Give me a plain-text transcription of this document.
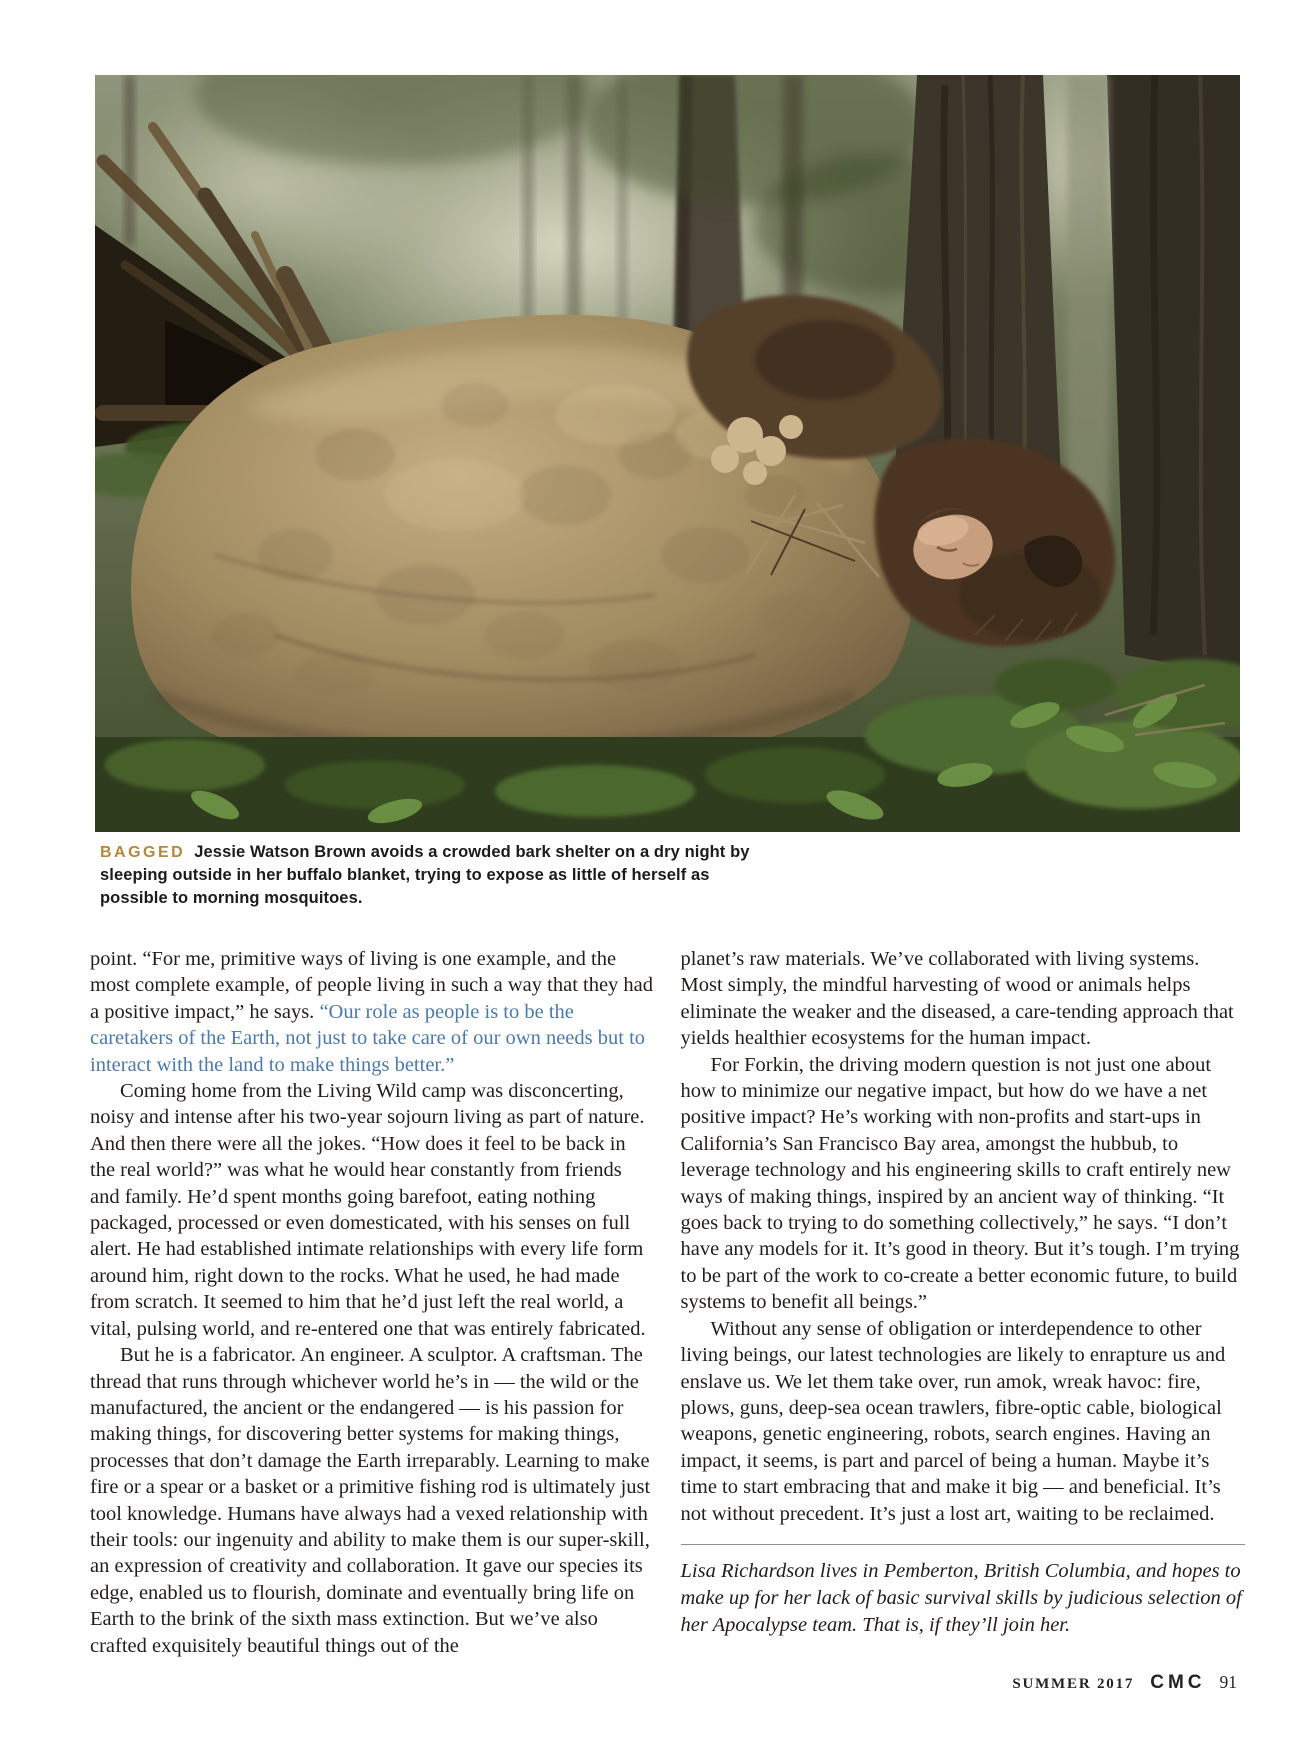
BAGGED Jessie Watson Brown avoids a crowded bark shelter on a dry night by sleeping outside in her buffalo blanket, trying to expose as little of herself as possible to morning mosquitoes.

point. “For me, primitive ways of living is one example, and the most complete example, of people living in such a way that they had a positive impact,” he says. “Our role as people is to be the caretakers of the Earth, not just to take care of our own needs but to interact with the land to make things better.”

Coming home from the Living Wild camp was disconcerting, noisy and intense after his two-year sojourn living as part of nature. And then there were all the jokes. “How does it feel to be back in the real world?” was what he would hear constantly from friends and family. He’d spent months going barefoot, eating nothing packaged, processed or even domesticated, with his senses on full alert. He had established intimate relationships with every life form around him, right down to the rocks. What he used, he had made from scratch. It seemed to him that he’d just left the real world, a vital, pulsing world, and re-entered one that was entirely fabricated.

But he is a fabricator. An engineer. A sculptor. A craftsman. The thread that runs through whichever world he’s in — the wild or the manufactured, the ancient or the endangered — is his passion for making things, for discovering better systems for making things, processes that don’t damage the Earth irreparably. Learning to make fire or a spear or a basket or a primitive fishing rod is ultimately just tool knowledge. Humans have always had a vexed relationship with their tools: our ingenuity and ability to make them is our super-skill, an expression of creativity and collaboration. It gave our species its edge, enabled us to flourish, dominate and eventually bring life on Earth to the brink of the sixth mass extinction. But we’ve also crafted exquisitely beautiful things out of the

planet’s raw materials. We’ve collaborated with living systems. Most simply, the mindful harvesting of wood or animals helps eliminate the weaker and the diseased, a care-tending approach that yields healthier ecosystems for the human impact.

For Forkin, the driving modern question is not just one about how to minimize our negative impact, but how do we have a net positive impact? He’s working with non-profits and start-ups in California’s San Francisco Bay area, amongst the hubbub, to leverage technology and his engineering skills to craft entirely new ways of making things, inspired by an ancient way of thinking. “It goes back to trying to do something collectively,” he says. “I don’t have any models for it. It’s good in theory. But it’s tough. I’m trying to be part of the work to co-create a better economic future, to build systems to benefit all beings.”

Without any sense of obligation or interdependence to other living beings, our latest technologies are likely to enrapture us and enslave us. We let them take over, run amok, wreak havoc: fire, plows, guns, deep-sea ocean trawlers, fibre-optic cable, biological weapons, genetic engineering, robots, search engines. Having an impact, it seems, is part and parcel of being a human. Maybe it’s time to start embracing that and make it big — and beneficial. It’s not without precedent. It’s just a lost art, waiting to be reclaimed.

Lisa Richardson lives in Pemberton, British Columbia, and hopes to make up for her lack of basic survival skills by judicious selection of her Apocalypse team. That is, if they’ll join her.

SUMMER 2017 CMC 91
